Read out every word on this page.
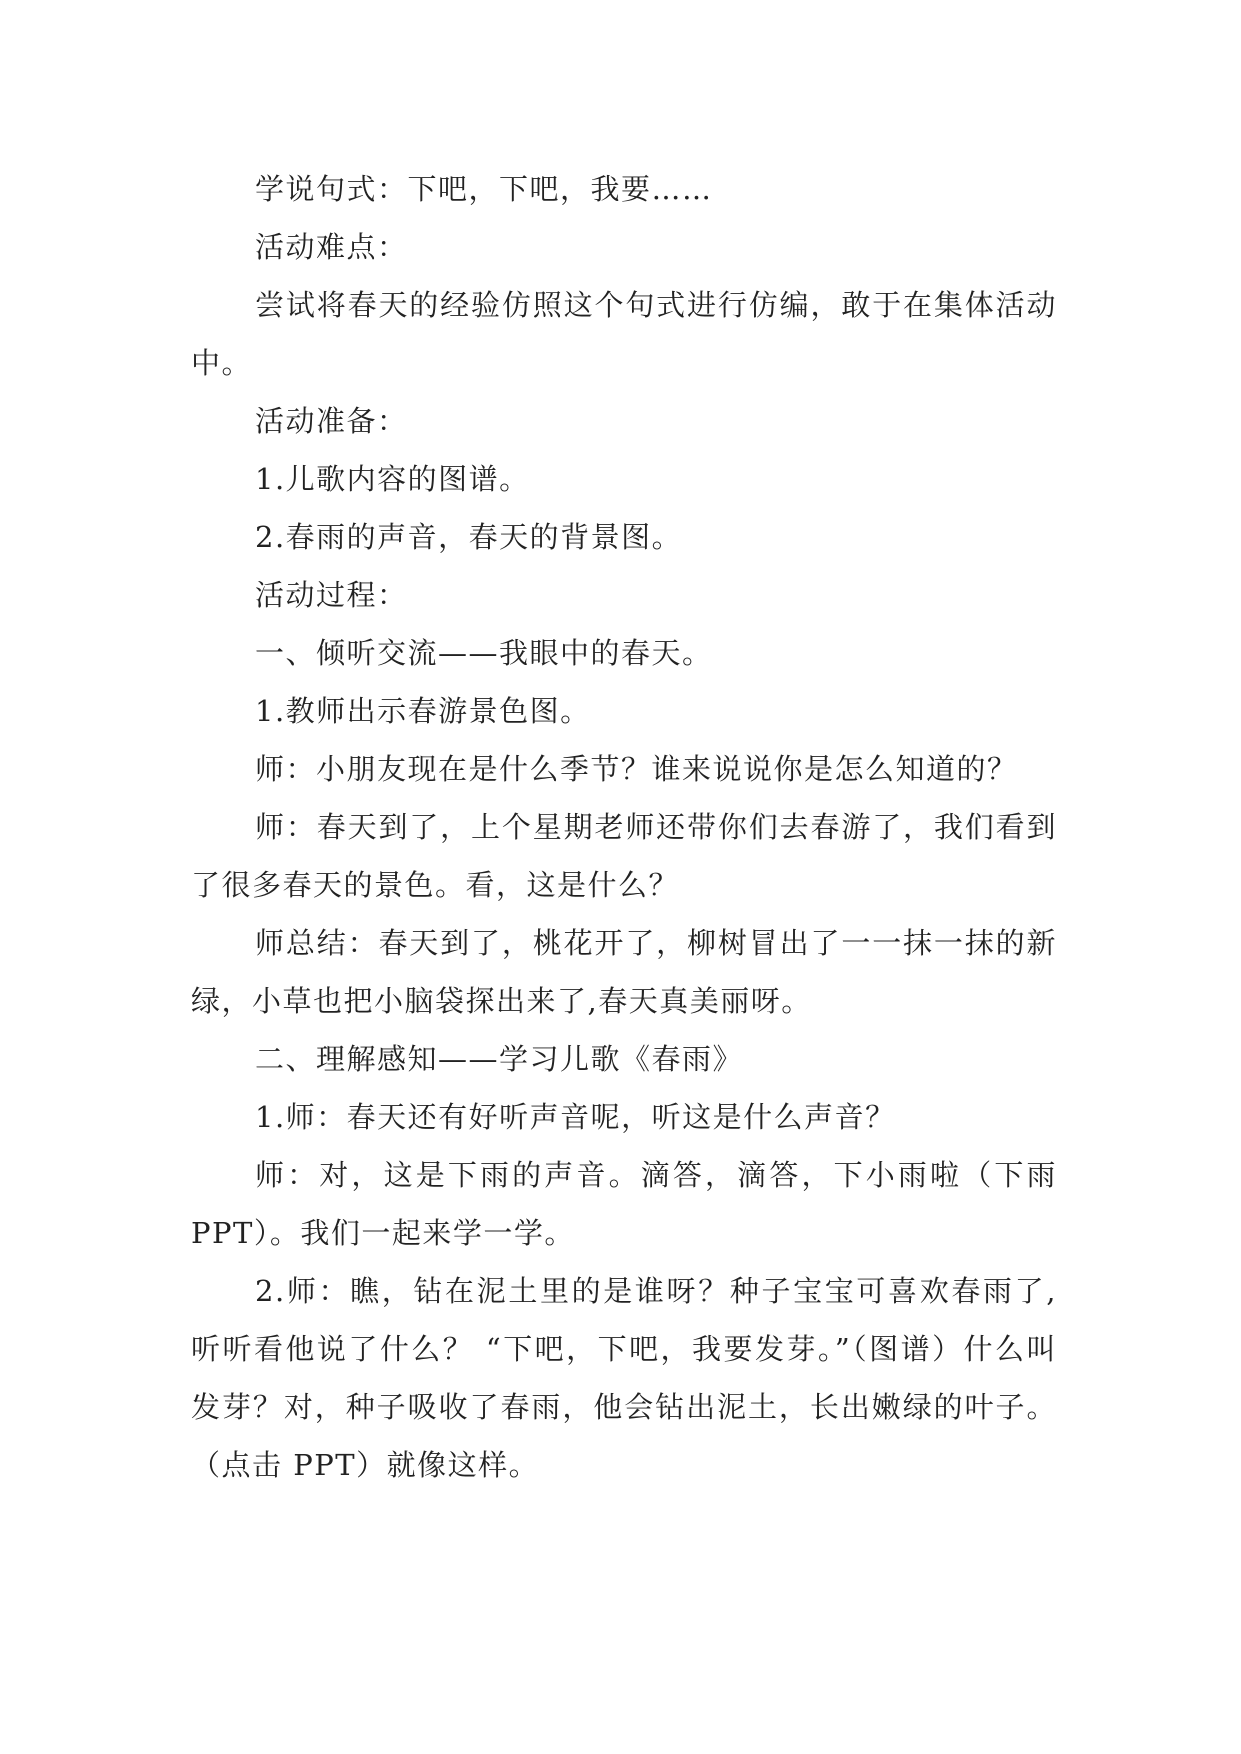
学说句式：下吧，下吧，我要……

活动难点：

尝试将春天的经验仿照这个句式进行仿编，敢于在集体活动中。

活动准备：

1.儿歌内容的图谱。

2.春雨的声音，春天的背景图。

活动过程：

一、倾听交流——我眼中的春天。

1.教师出示春游景色图。

师：小朋友现在是什么季节？谁来说说你是怎么知道的？

师：春天到了，上个星期老师还带你们去春游了，我们看到了很多春天的景色。看，这是什么？

师总结：春天到了，桃花开了，柳树冒出了一一抹一抹的新绿，小草也把小脑袋探出来了,春天真美丽呀。

二、理解感知——学习儿歌《春雨》

1.师：春天还有好听声音呢，听这是什么声音？

师：对，这是下雨的声音。滴答，滴答，下小雨啦（下雨 PPT）。我们一起来学一学。

2.师：瞧，钻在泥土里的是谁呀？种子宝宝可喜欢春雨了,听听看他说了什么？ “下吧，下吧，我要发芽。”（图谱）什么叫发芽？对，种子吸收了春雨，他会钻出泥土，长出嫩绿的叶子。（点击 PPT）就像这样。
